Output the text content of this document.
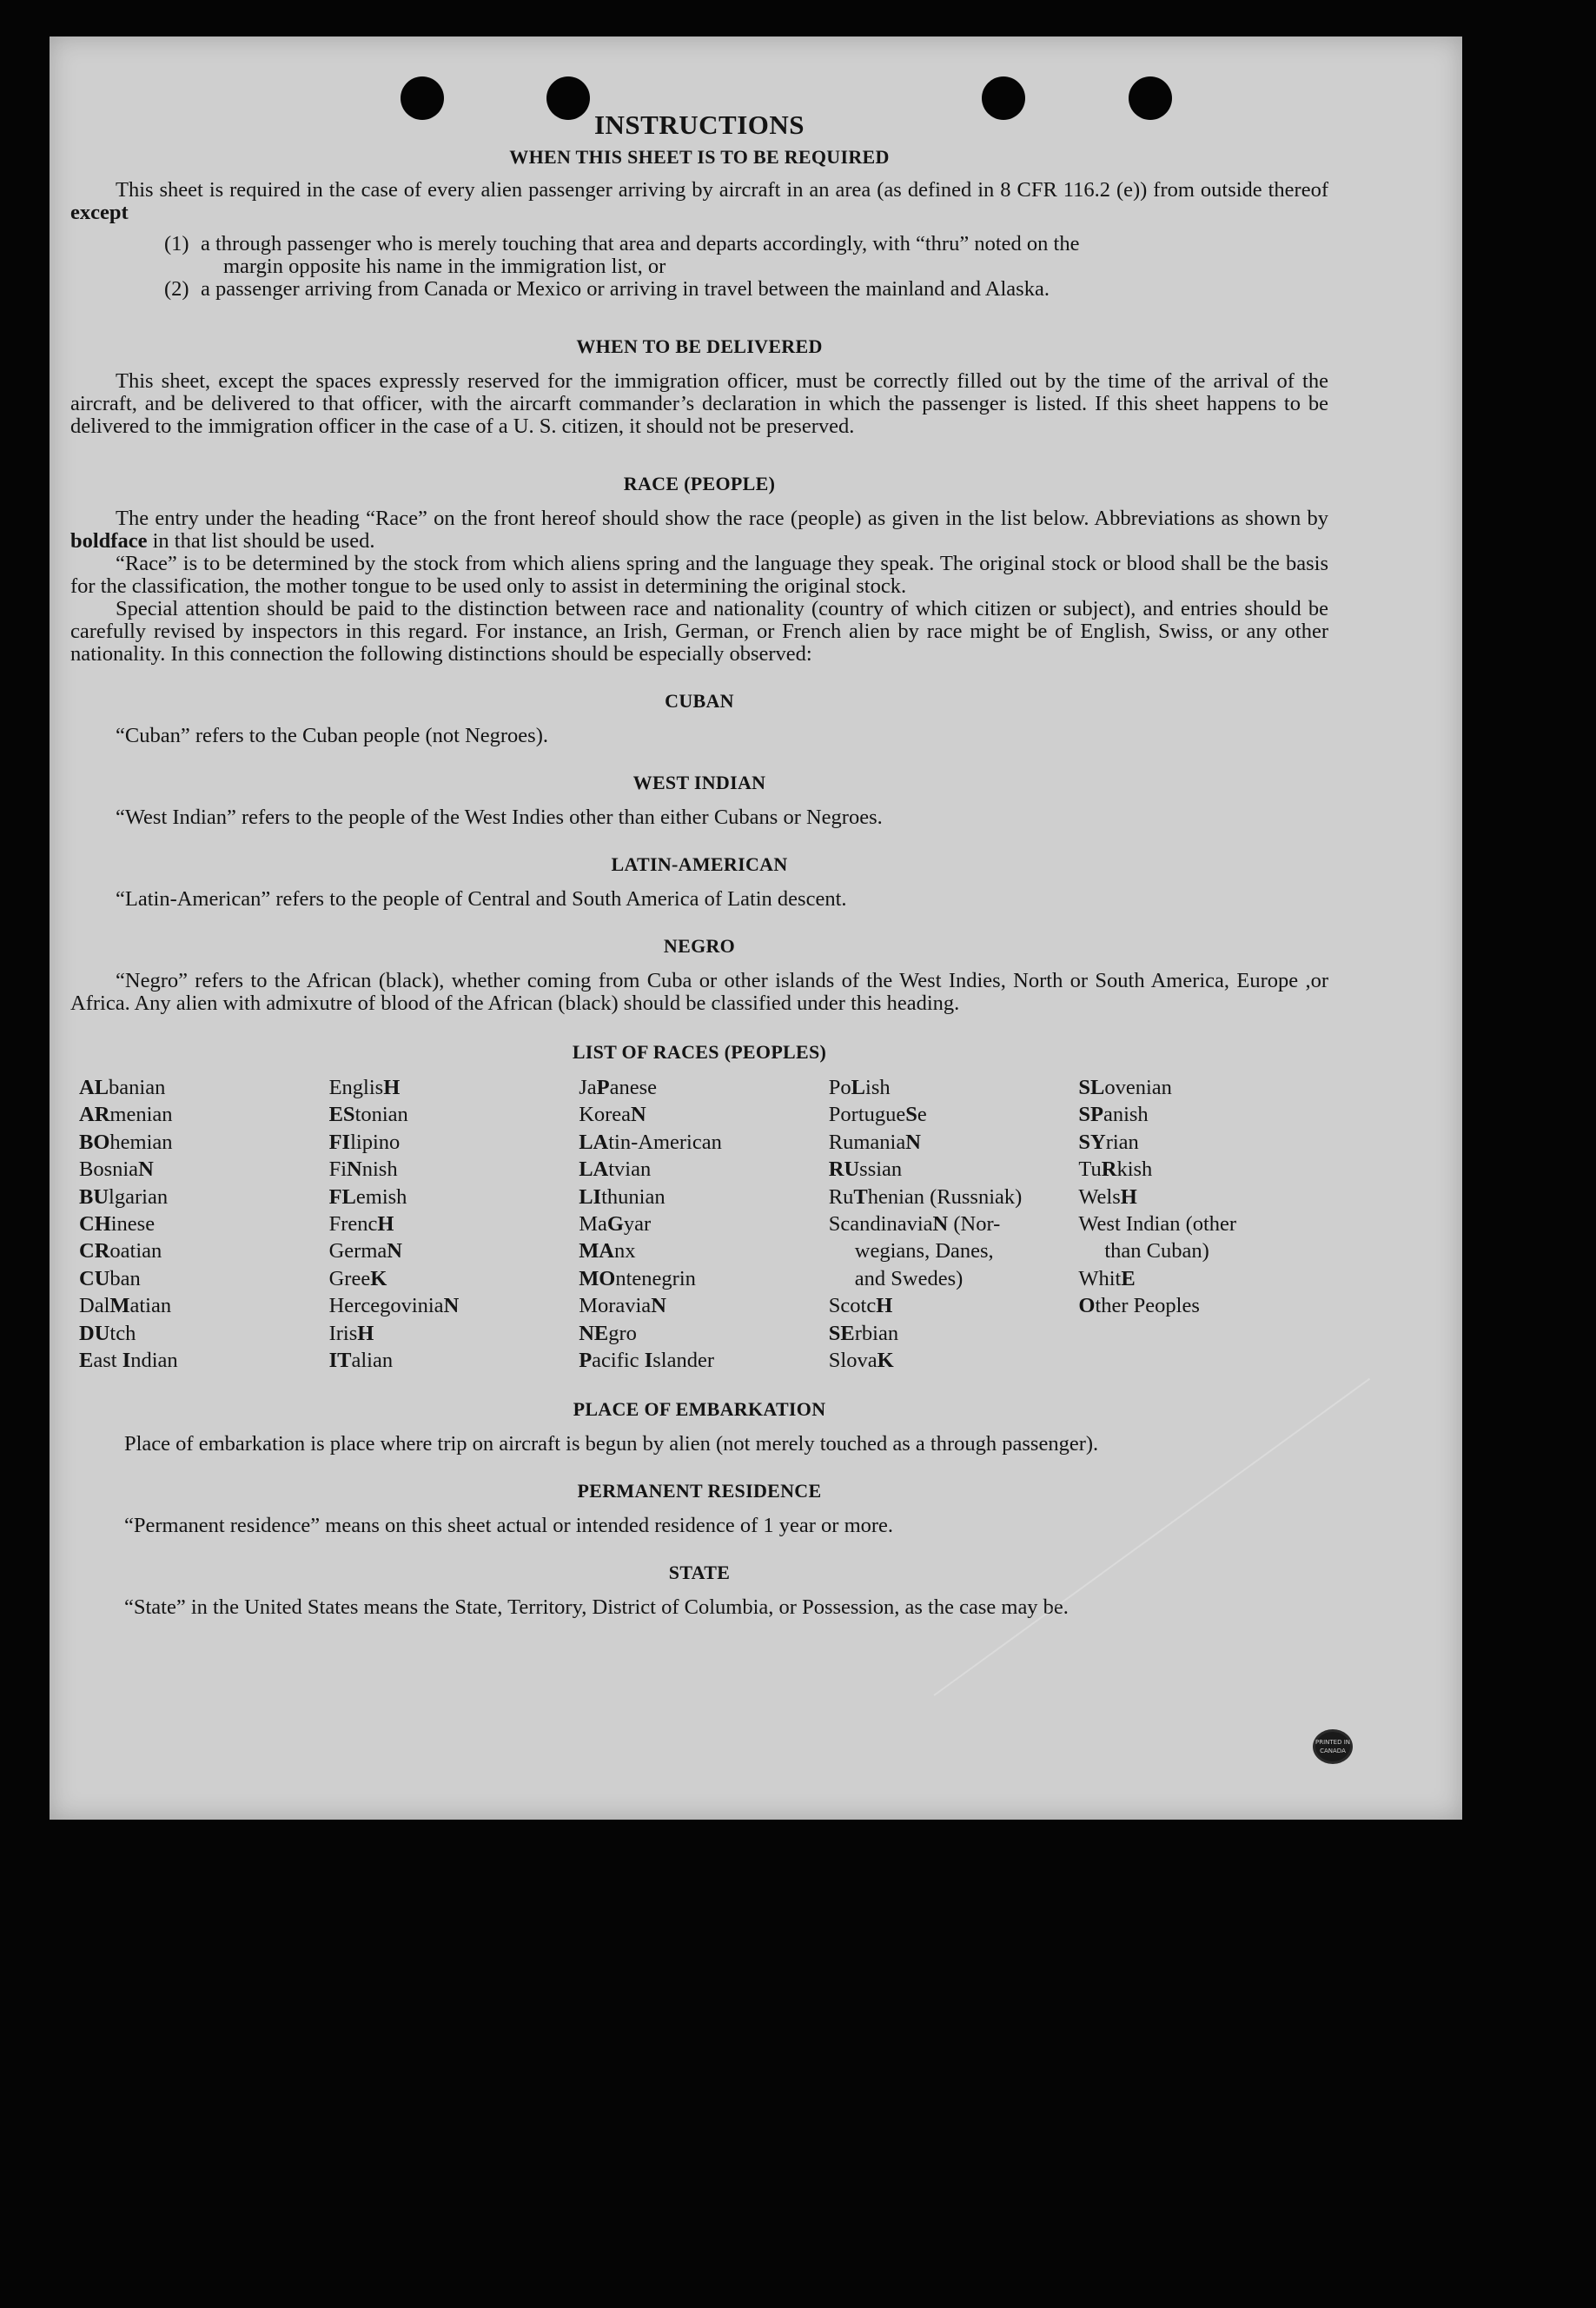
INSTRUCTIONS
WHEN THIS SHEET IS TO BE REQUIRED

This sheet is required in the case of every alien passenger arriving by aircraft in an area (as defined in 8 CFR 116.2 (e)) from outside thereof except

(1) a through passenger who is merely touching that area and departs accordingly, with “thru” noted on the
margin opposite his name in the immigration list, or
(2) a passenger arriving from Canada or Mexico or arriving in travel between the mainland and Alaska.
WHEN TO BE DELIVERED

This sheet, except the spaces expressly reserved for the immigration officer, must be correctly filled out by the time of the arrival of the aircraft, and be delivered to that officer, with the aircarft commander’s declaration in which the passenger is listed. If this sheet happens to be delivered to the immigration officer in the case of a U. S. citizen, it should not be preserved.

RACE (PEOPLE)

The entry under the heading “Race” on the front hereof should show the race (people) as given in the list below. Abbreviations as shown by boldface in that list should be used.

“Race” is to be determined by the stock from which aliens spring and the language they speak. The original stock or blood shall be the basis for the classification, the mother tongue to be used only to assist in determining the original stock.

Special attention should be paid to the distinction between race and nationality (country of which citizen or subject), and entries should be carefully revised by inspectors in this regard. For instance, an Irish, German, or French alien by race might be of English, Swiss, or any other nationality. In this connection the following distinctions should be especially observed:

CUBAN

“Cuban” refers to the Cuban people (not Negroes).

WEST INDIAN

“West Indian” refers to the people of the West Indies other than either Cubans or Negroes.

LATIN-AMERICAN

“Latin-American” refers to the people of Central and South America of Latin descent.

NEGRO

“Negro” refers to the African (black), whether coming from Cuba or other islands of the West Indies, North or South America, Europe ,or Africa. Any alien with admixutre of blood of the African (black) should be classified under this heading.

LIST OF RACES (PEOPLES)
ALbanian
ARmenian
BOhemian
BosniaN
BUlgarian
CHinese
CRoatian
CUban
DalMatian
DUtch
East Indian
EnglisH
EStonian
FIlipino
FiNnish
FLemish
FrencH
GermaN
GreeK
HercegoviniaN
IrisH
ITalian
JaPanese
KoreaN
LAtin-American
LAtvian
LIthunian
MaGyar
MAnx
MOntenegrin
MoraviaN
NEgro
Pacific Islander
PoLish
PortugueSe
RumaniaN
RUssian
RuThenian (Russniak)
ScandinaviaN (Nor-
wegians, Danes,
and Swedes)
ScotcH
SErbian
SlovaK
SLovenian
SPanish
SYrian
TuRkish
WelsH
West Indian (other
than Cuban)
WhitE
Other Peoples
PLACE OF EMBARKATION

Place of embarkation is place where trip on aircraft is begun by alien (not merely touched as a through passenger).

PERMANENT RESIDENCE

“Permanent residence” means on this sheet actual or intended residence of 1 year or more.

STATE

“State” in the United States means the State, Territory, District of Columbia, or Possession, as the case may be.

PRINTED IN CANADA
